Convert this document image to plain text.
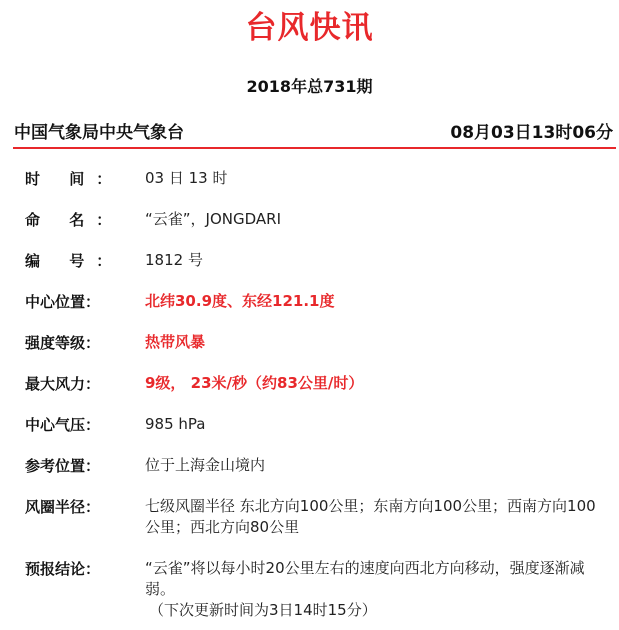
台风快讯
2018年总731期
中国气象局中央气象台	08月03日13时06分
时 间： 03 日 13 时
命 名： “云雀”，JONGDARI
编 号： 1812 号
中心位置：	北纬30.9度、东经121.1度
强度等级：	热带风暴
最大风力：	9级， 23米/秒（约83公里/时）
中心气压：	985 hPa
参考位置：	位于上海金山境内
风圈半径：	七级风圈半径 东北方向100公里；东南方向100公里；西南方向100公里；西北方向80公里
预报结论：	“云雀”将以每小时20公里左右的速度向西北方向移动，强度逐渐减弱。
（下次更新时间为3日14时15分）
